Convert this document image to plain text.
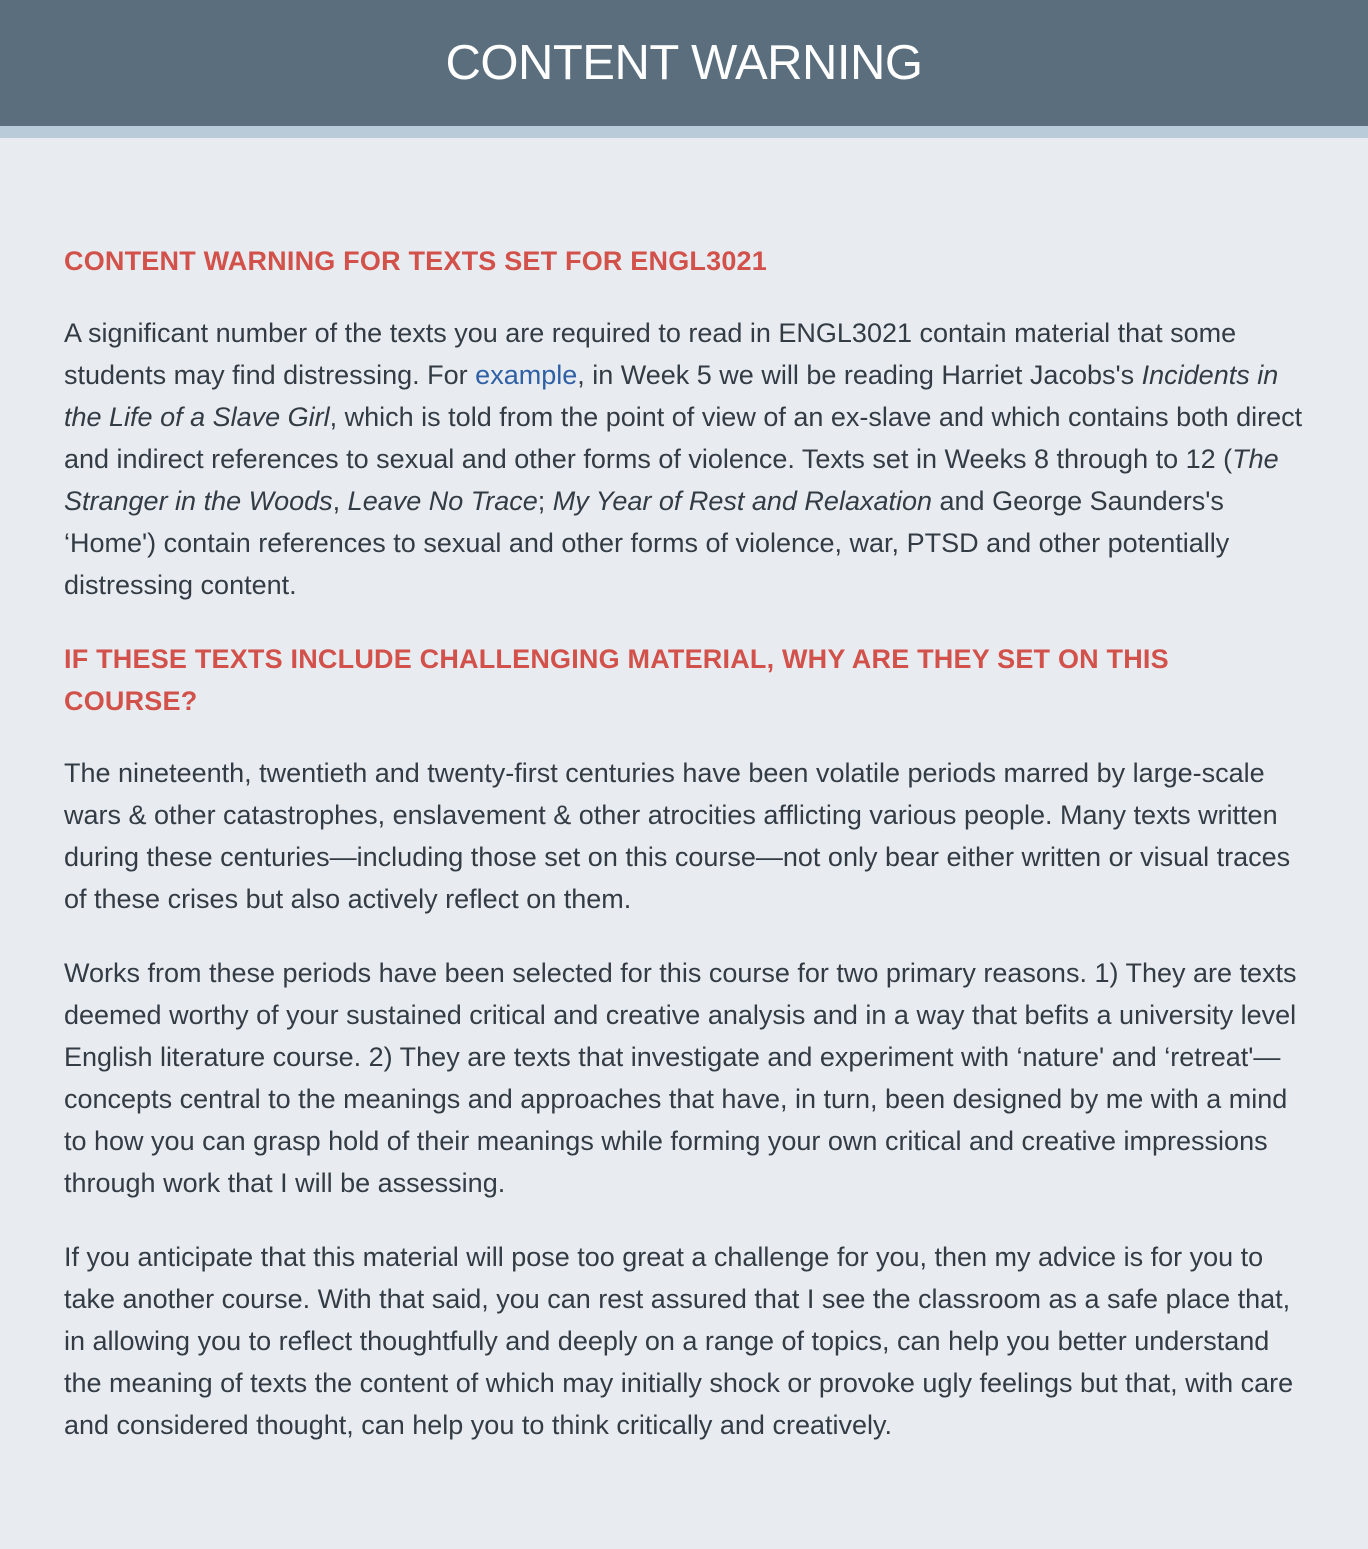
CONTENT WARNING
CONTENT WARNING FOR TEXTS SET FOR ENGL3021

A significant number of the texts you are required to read in ENGL3021 contain material that some students may find distressing. For example, in Week 5 we will be reading Harriet Jacobs's Incidents in the Life of a Slave Girl, which is told from the point of view of an ex-slave and which contains both direct and indirect references to sexual and other forms of violence. Texts set in Weeks 8 through to 12 (The Stranger in the Woods, Leave No Trace; My Year of Rest and Relaxation and George Saunders's ‘Home') contain references to sexual and other forms of violence, war, PTSD and other potentially distressing content.

IF THESE TEXTS INCLUDE CHALLENGING MATERIAL, WHY ARE THEY SET ON THIS COURSE?

The nineteenth, twentieth and twenty-first centuries have been volatile periods marred by large-scale wars & other catastrophes, enslavement & other atrocities afflicting various people. Many texts written during these centuries—including those set on this course—not only bear either written or visual traces of these crises but also actively reflect on them.

Works from these periods have been selected for this course for two primary reasons. 1) They are texts deemed worthy of your sustained critical and creative analysis and in a way that befits a university level English literature course. 2) They are texts that investigate and experiment with ‘nature' and ‘retreat'—concepts central to the meanings and approaches that have, in turn, been designed by me with a mind to how you can grasp hold of their meanings while forming your own critical and creative impressions through work that I will be assessing.

If you anticipate that this material will pose too great a challenge for you, then my advice is for you to take another course. With that said, you can rest assured that I see the classroom as a safe place that, in allowing you to reflect thoughtfully and deeply on a range of topics, can help you better understand the meaning of texts the content of which may initially shock or provoke ugly feelings but that, with care and considered thought, can help you to think critically and creatively.
